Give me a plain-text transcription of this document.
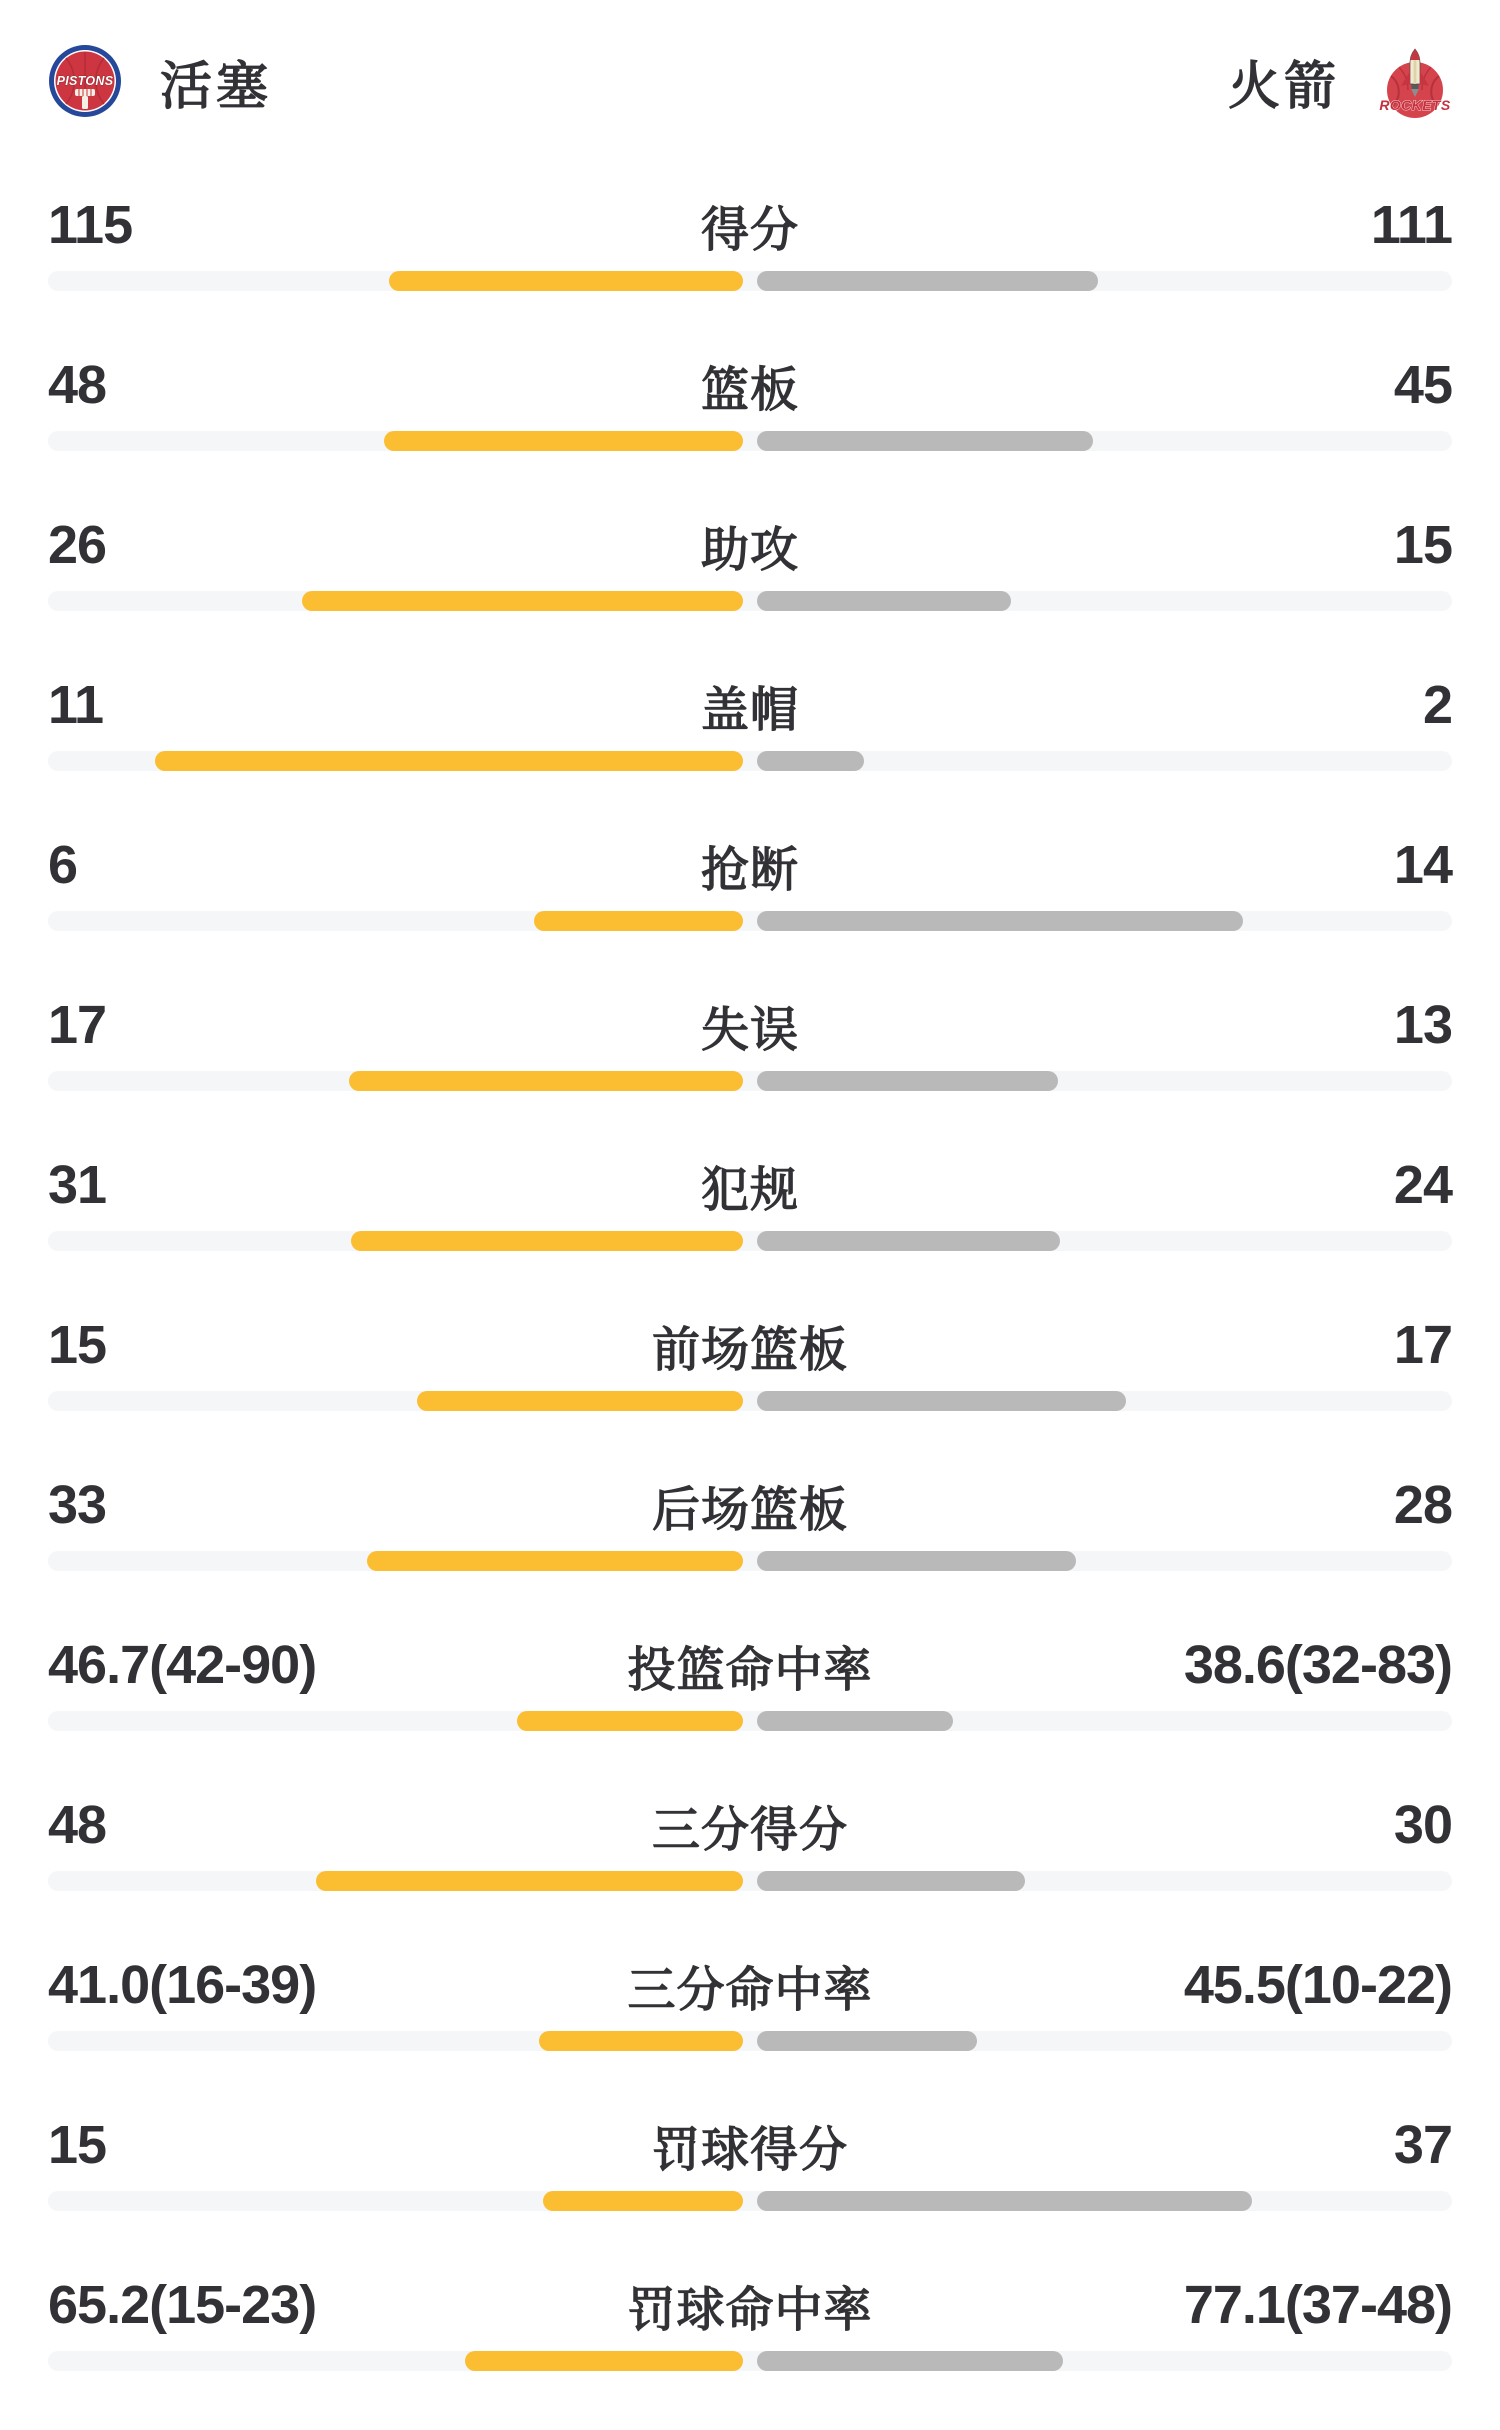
PISTONS 活塞	火箭	ROCKETS
115	得分	111
48	篮板	45
26	助攻	15
11	盖帽	2
6	抢断	14
17	失误	13
31	犯规	24
15	前场篮板	17
33	后场篮板	28
46.7(42-90)	投篮命中率	38.6(32-83)
48	三分得分	30
41.0(16-39)	三分命中率	45.5(10-22)
15	罚球得分	37
65.2(15-23)	罚球命中率	77.1(37-48)
